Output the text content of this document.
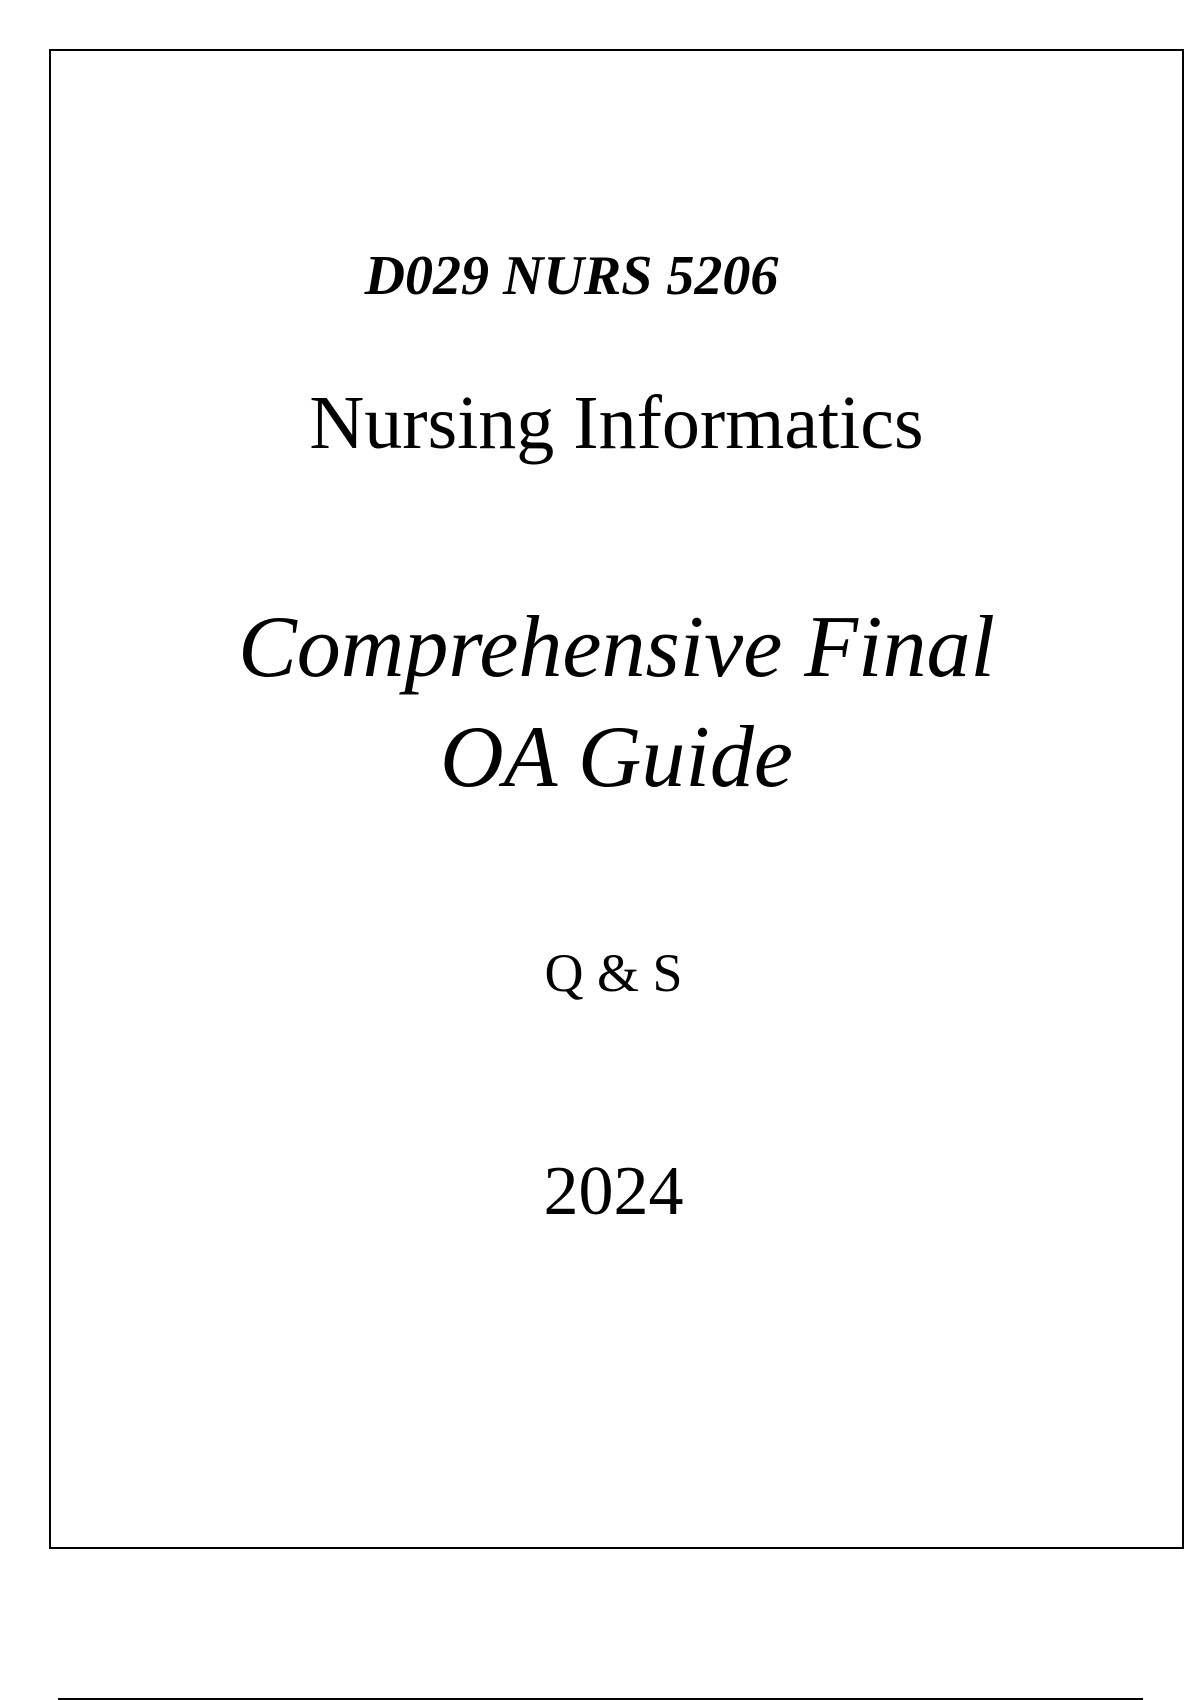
D029 NURS 5206
Nursing Informatics
Comprehensive Final
OA Guide
Q & S
2024
